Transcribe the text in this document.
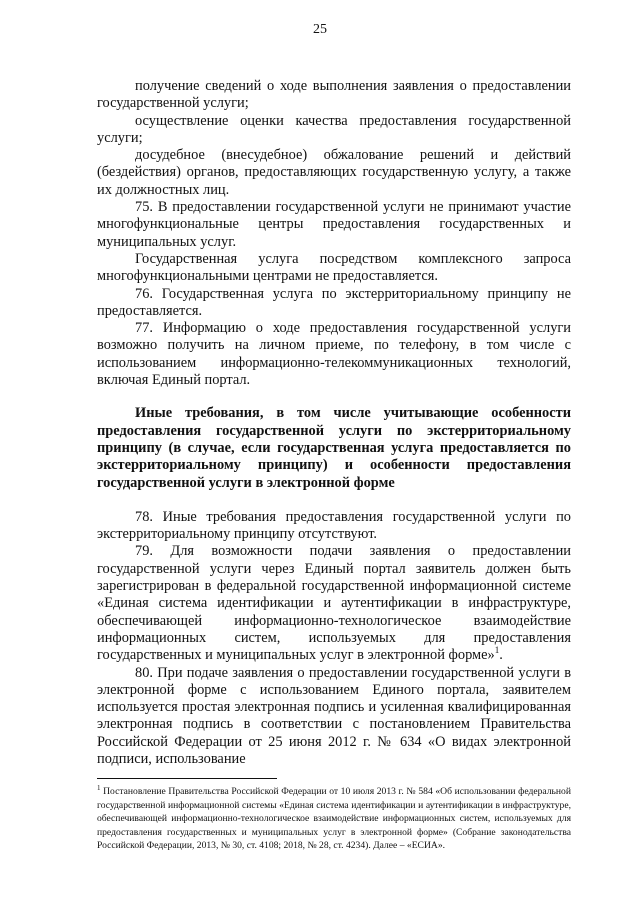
25

получение сведений о ходе выполнения заявления о предоставлении государственной услуги;

осуществление оценки качества предоставления государственной услуги;

досудебное (внесудебное) обжалование решений и действий (бездействия) органов, предоставляющих государственную услугу, а также их должностных лиц.

75. В предоставлении государственной услуги не принимают участие многофункциональные центры предоставления государственных и муниципальных услуг.

Государственная услуга посредством комплексного запроса многофункциональными центрами не предоставляется.

76. Государственная услуга по экстерриториальному принципу не предоставляется.

77. Информацию о ходе предоставления государственной услуги возможно получить на личном приеме, по телефону, в том числе с использованием информационно-телекоммуникационных технологий, включая Единый портал.

Иные требования, в том числе учитывающие особенности предоставления государственной услуги по экстерриториальному принципу (в случае, если государственная услуга предоставляется по экстерриториальному принципу) и особенности предоставления государственной услуги в электронной форме

78. Иные требования предоставления государственной услуги по экстерриториальному принципу отсутствуют.

79. Для возможности подачи заявления о предоставлении государственной услуги через Единый портал заявитель должен быть зарегистрирован в федеральной государственной информационной системе «Единая система идентификации и аутентификации в инфраструктуре, обеспечивающей информационно-технологическое взаимодействие информационных систем, используемых для предоставления государственных и муниципальных услуг в электронной форме»$^1$.

80. При подаче заявления о предоставлении государственной услуги в электронной форме с использованием Единого портала, заявителем используется простая электронная подпись и усиленная квалифицированная электронная подпись в соответствии с постановлением Правительства Российской Федерации от 25 июня 2012 г. № 634 «О видах электронной подписи, использование

$^1$ Постановление Правительства Российской Федерации от 10 июля 2013 г. № 584 «Об использовании федеральной государственной информационной системы «Единая система идентификации и аутентификации в инфраструктуре, обеспечивающей информационно-технологическое взаимодействие информационных систем, используемых для предоставления государственных и муниципальных услуг в электронной форме» (Собрание законодательства Российской Федерации, 2013, № 30, ст. 4108; 2018, № 28, ст. 4234). Далее – «ЕСИА».
